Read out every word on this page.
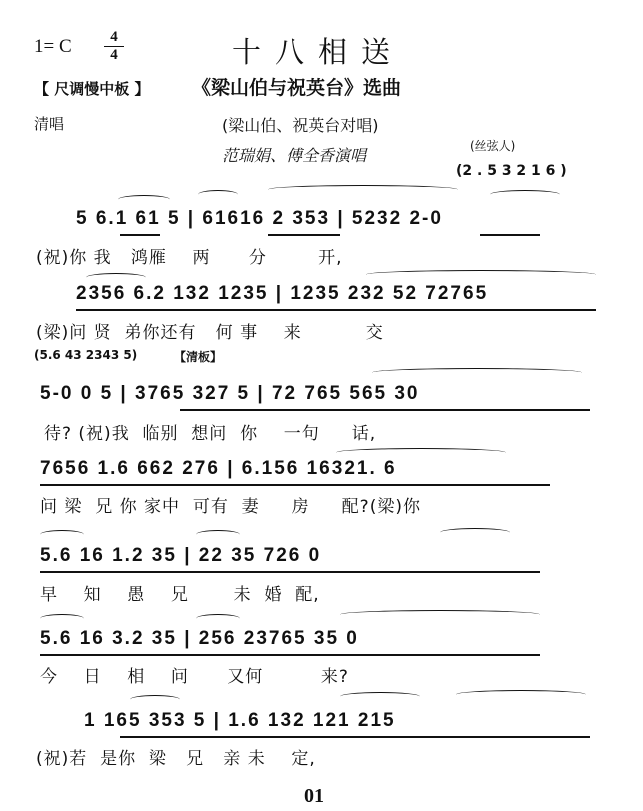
1= C	4
4	十八相送
【 尺调慢中板 】 《梁山伯与祝英台》选曲
清唱	(梁山伯、祝英台对唱)
范瑞娟、傅全香演唱	(丝弦人)
(2 . 5 3 2 1 6 )
5 6.1 61 5 | 61616 2 353 | 5232 2-0
(祝)你 我   鸿雁    两      分        开,
2356 6.2 132 1235 | 1235 232 52 72765
(梁)问 贤  弟你还有   何 事    来          交
(5.6 43 2343 5)	【清板】
5-0 0 5 | 3765 327 5 | 72 765 565 30
待? (祝)我  临别  想问  你    一句     话,
7656 1.6 662 276 | 6.156 16321. 6
问 梁  兄 你 家中  可有  妻     房     配?(梁)你
5.6 16 1.2 35 | 22 35 726 0
早    知    愚    兄       未  婚  配,
5.6 16 3.2 35 | 256 23765 35 0
今    日    相    问      又何         来?
1 165 353 5 | 1.6 132 121 215
(祝)若  是你  梁   兄   亲 未    定,
01
